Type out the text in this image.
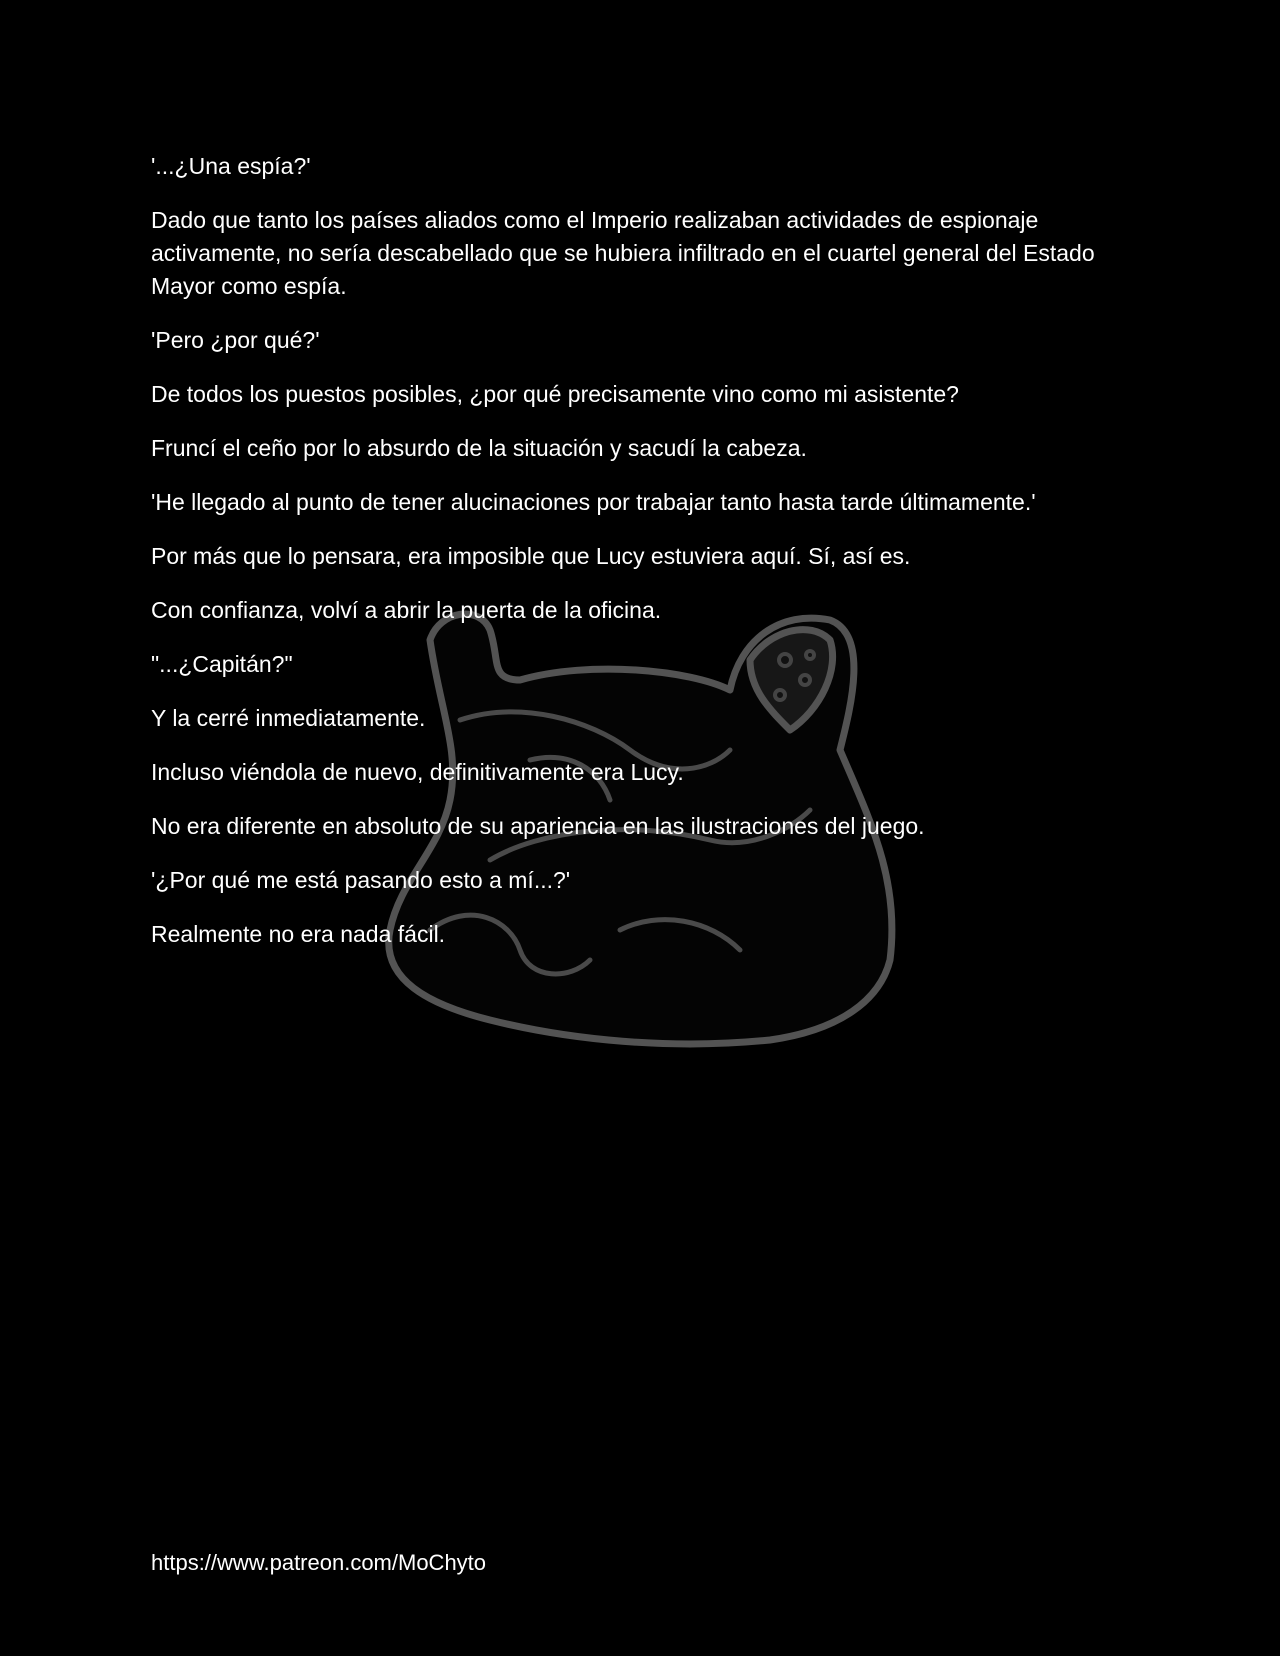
'...¿Una espía?'

Dado que tanto los países aliados como el Imperio realizaban actividades de espionaje activamente, no sería descabellado que se hubiera infiltrado en el cuartel general del Estado Mayor como espía.

'Pero ¿por qué?'

De todos los puestos posibles, ¿por qué precisamente vino como mi asistente?

Fruncí el ceño por lo absurdo de la situación y sacudí la cabeza.

'He llegado al punto de tener alucinaciones por trabajar tanto hasta tarde últimamente.'

Por más que lo pensara, era imposible que Lucy estuviera aquí. Sí, así es.

Con confianza, volví a abrir la puerta de la oficina.

"...¿Capitán?"

Y la cerré inmediatamente.

Incluso viéndola de nuevo, definitivamente era Lucy.

No era diferente en absoluto de su apariencia en las ilustraciones del juego.

'¿Por qué me está pasando esto a mí...?'

Realmente no era nada fácil.

https://www.patreon.com/MoChyto
